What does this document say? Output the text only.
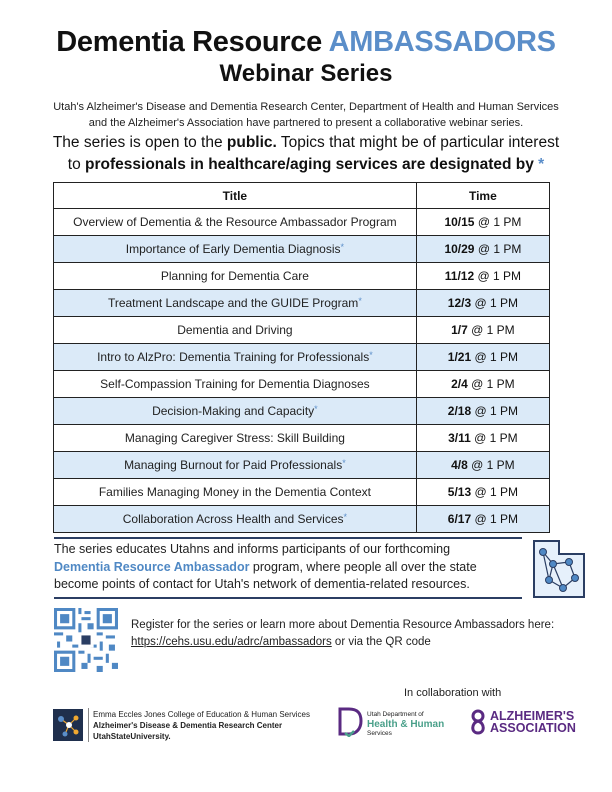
Dementia Resource AMBASSADORS
Webinar Series
Utah's Alzheimer's Disease and Dementia Research Center, Department of Health and Human Services
and the Alzheimer's Association have partnered to present a collaborative webinar series.
The series is open to the public. Topics that might be of particular interest
to professionals in healthcare/aging services are designated by *
Title	Time
Overview of Dementia & the Resource Ambassador Program	10/15 @ 1 PM
Importance of Early Dementia Diagnosis*	10/29 @ 1 PM
Planning for Dementia Care	11/12 @ 1 PM
Treatment Landscape and the GUIDE Program*	12/3 @ 1 PM
Dementia and Driving	1/7 @ 1 PM
Intro to AlzPro: Dementia Training for Professionals*	1/21 @ 1 PM
Self-Compassion Training for Dementia Diagnoses	2/4 @ 1 PM
Decision-Making and Capacity*	2/18 @ 1 PM
Managing Caregiver Stress: Skill Building	3/11 @ 1 PM
Managing Burnout for Paid Professionals*	4/8 @ 1 PM
Families Managing Money in the Dementia Context	5/13 @ 1 PM
Collaboration Across Health and Services*	6/17 @ 1 PM
The series educates Utahns and informs participants of our forthcoming
Dementia Resource Ambassador program, where people all over the state
become points of contact for Utah's network of dementia-related resources.
Register for the series or learn more about Dementia Resource Ambassadors here:
https://cehs.usu.edu/adrc/ambassadors or via the QR code
In collaboration with
Emma Eccles Jones College of Education & Human Services
Alzheimer's Disease & Dementia Research Center
UtahStateUniversity.
Utah Department of
Health & Human
Services
ALZHEIMER'S
ASSOCIATION
